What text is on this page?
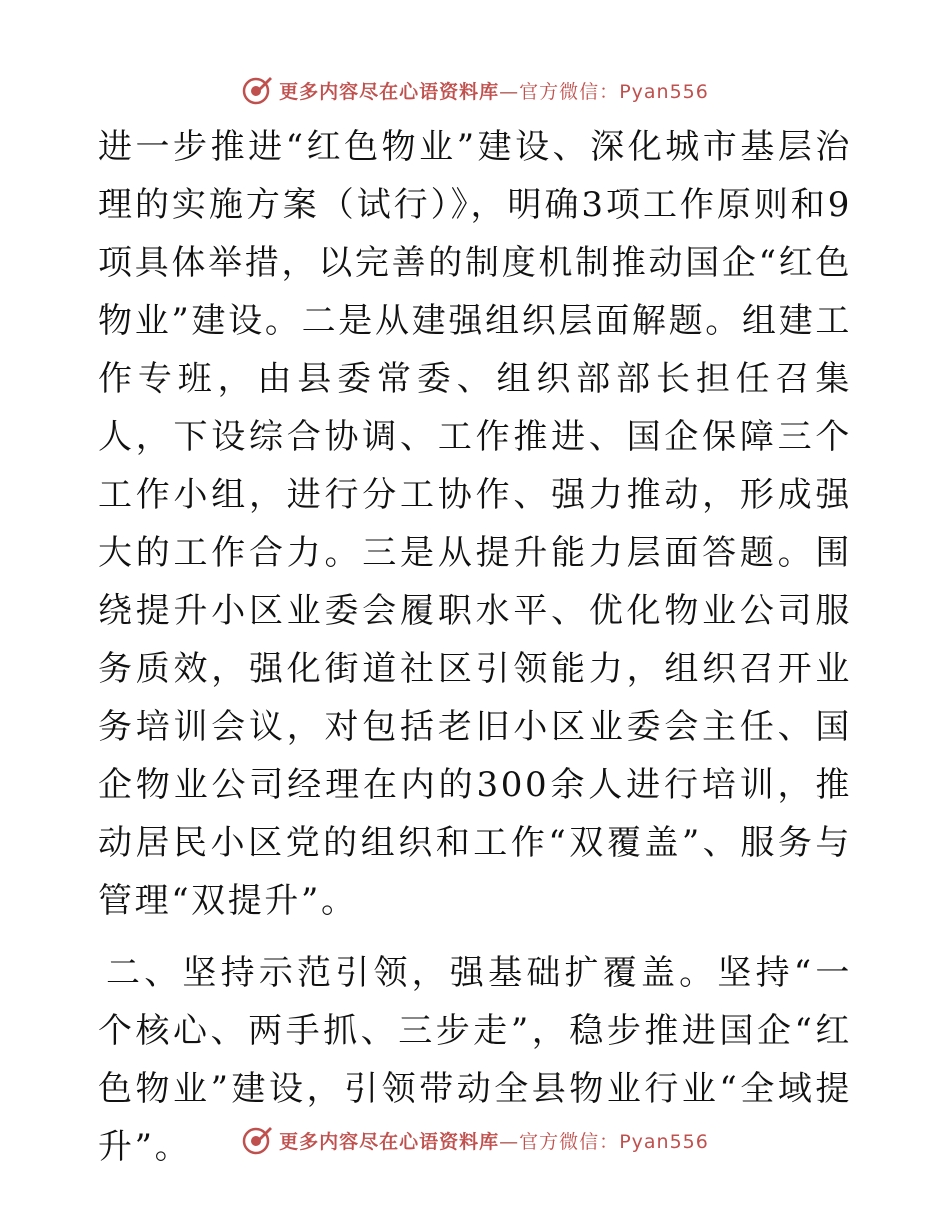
更多内容尽在心语资料库—官方微信：Pyan556

进一步推进“红色物业”建设、深化城市基层治理的实施方案（试行）》，明确3项工作原则和9项具体举措，以完善的制度机制推动国企“红色物业”建设。二是从建强组织层面解题。组建工作专班，由县委常委、组织部部长担任召集人，下设综合协调、工作推进、国企保障三个工作小组，进行分工协作、强力推动，形成强大的工作合力。三是从提升能力层面答题。围绕提升小区业委会履职水平、优化物业公司服务质效，强化街道社区引领能力，组织召开业务培训会议，对包括老旧小区业委会主任、国企物业公司经理在内的300余人进行培训，推动居民小区党的组织和工作“双覆盖”、服务与管理“双提升”。

二、坚持示范引领，强基础扩覆盖。坚持“一个核心、两手抓、三步走”，稳步推进国企“红色物业”建设，引领带动全县物业行业“全域提升”。	更多内容尽在心语资料库—官方微信：Pyan556
